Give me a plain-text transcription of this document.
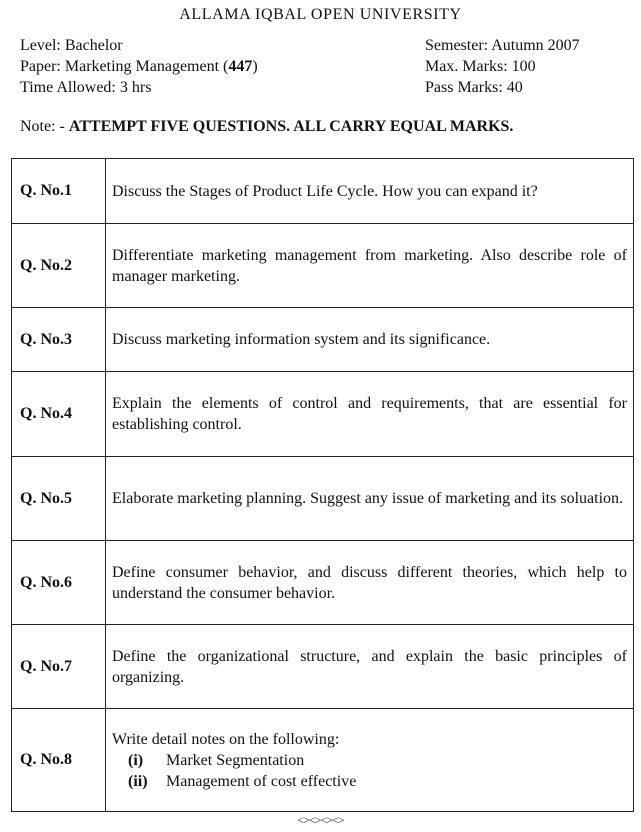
ALLAMA IQBAL OPEN UNIVERSITY
Level: Bachelor
Paper: Marketing Management (447)
Time Allowed: 3 hrs
Semester: Autumn 2007
Max. Marks: 100
Pass Marks: 40
Note: - ATTEMPT FIVE QUESTIONS. ALL CARRY EQUAL MARKS.
Q. No.1	Discuss the Stages of Product Life Cycle. How you can expand it?
Q. No.2	Differentiate marketing management from marketing. Also describe role of manager marketing.
Q. No.3	Discuss marketing information system and its significance.
Q. No.4	Explain the elements of control and requirements, that are essential for establishing control.
Q. No.5	Elaborate marketing planning. Suggest any issue of marketing and its soluation.
Q. No.6	Define consumer behavior, and discuss different theories, which help to understand the consumer behavior.
Q. No.7	Define the organizational structure, and explain the basic principles of organizing.
Q. No.8	Write detail notes on the following:
(i) Market Segmentation
(ii) Management of cost effective
<><><><>
